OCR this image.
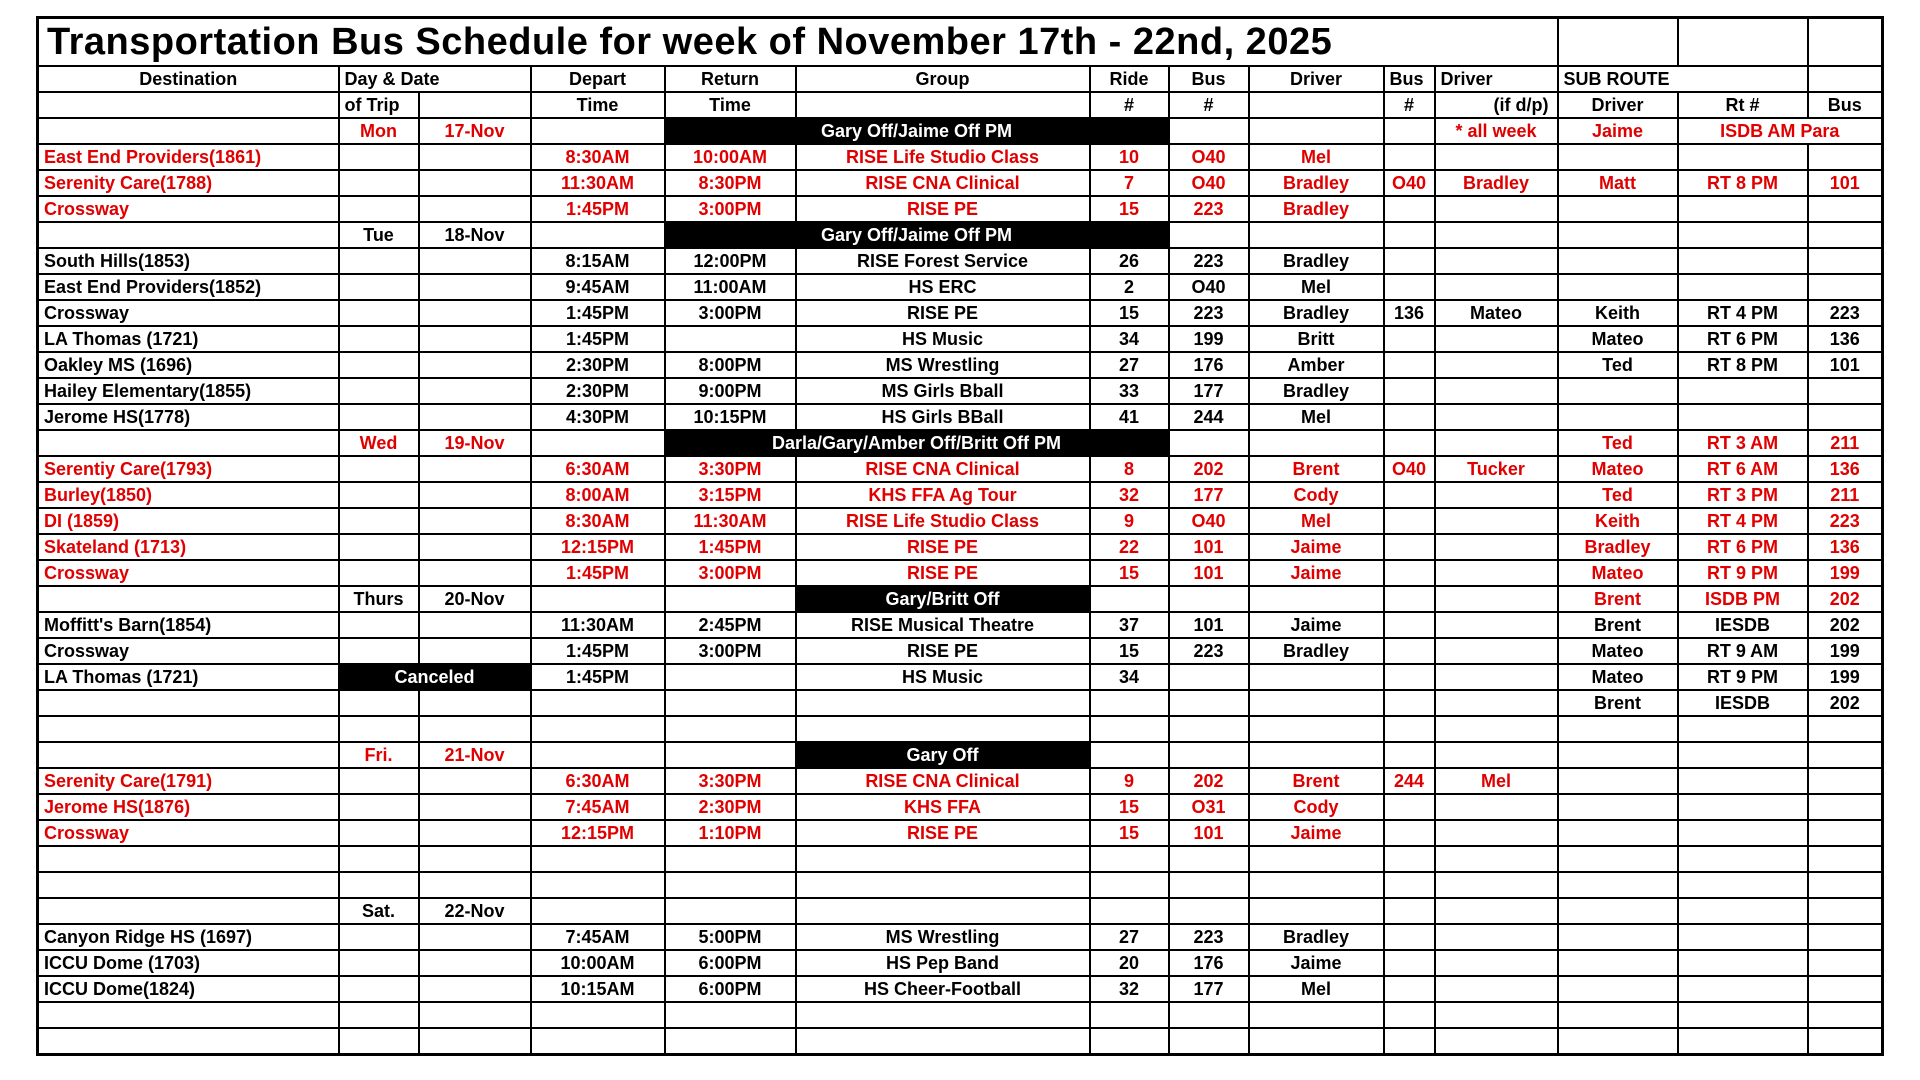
Transportation Bus Schedule for week of November 17th - 22nd, 2025													
Destination	Day & Date		Depart	Return	Group	Ride	Bus	Driver	Bus	Driver	SUB ROUTE		
	of Trip		Time	Time		#	#		#	(if d/p)	Driver	Rt #	Bus
	Mon	17-Nov		Gary Off/Jaime Off PM						* all week	Jaime	ISDB AM Para	
East End Providers(1861)			8:30AM	10:00AM	RISE Life Studio Class	10	O40	Mel					
Serenity Care(1788)			11:30AM	8:30PM	RISE CNA Clinical	7	O40	Bradley	O40	Bradley	Matt	RT 8 PM	101
Crossway			1:45PM	3:00PM	RISE PE	15	223	Bradley					
	Tue	18-Nov		Gary Off/Jaime Off PM									
South Hills(1853)			8:15AM	12:00PM	RISE Forest Service	26	223	Bradley					
East End Providers(1852)			9:45AM	11:00AM	HS ERC	2	O40	Mel					
Crossway			1:45PM	3:00PM	RISE PE	15	223	Bradley	136	Mateo	Keith	RT 4 PM	223
LA Thomas (1721)			1:45PM		HS Music	34	199	Britt			Mateo	RT 6 PM	136
Oakley MS (1696)			2:30PM	8:00PM	MS Wrestling	27	176	Amber			Ted	RT 8 PM	101
Hailey Elementary(1855)			2:30PM	9:00PM	MS Girls Bball	33	177	Bradley					
Jerome HS(1778)			4:30PM	10:15PM	HS Girls BBall	41	244	Mel					
	Wed	19-Nov		Darla/Gary/Amber Off/Britt Off PM							Ted	RT 3 AM	211
Serentiy Care(1793)			6:30AM	3:30PM	RISE CNA Clinical	8	202	Brent	O40	Tucker	Mateo	RT 6 AM	136
Burley(1850)			8:00AM	3:15PM	KHS FFA Ag Tour	32	177	Cody			Ted	RT 3 PM	211
DI (1859)			8:30AM	11:30AM	RISE Life Studio Class	9	O40	Mel			Keith	RT 4 PM	223
Skateland (1713)			12:15PM	1:45PM	RISE PE	22	101	Jaime			Bradley	RT 6 PM	136
Crossway			1:45PM	3:00PM	RISE PE	15	101	Jaime			Mateo	RT 9 PM	199
	Thurs	20-Nov			Gary/Britt Off						Brent	ISDB PM	202
Moffitt's Barn(1854)			11:30AM	2:45PM	RISE Musical Theatre	37	101	Jaime			Brent	IESDB	202
Crossway			1:45PM	3:00PM	RISE PE	15	223	Bradley			Mateo	RT 9 AM	199
LA Thomas (1721)	Canceled		1:45PM		HS Music	34					Mateo	RT 9 PM	199
											Brent	IESDB	202

	Fri.	21-Nov			Gary Off								
Serenity Care(1791)			6:30AM	3:30PM	RISE CNA Clinical	9	202	Brent	244	Mel			
Jerome HS(1876)			7:45AM	2:30PM	KHS FFA	15	O31	Cody					
Crossway			12:15PM	1:10PM	RISE PE	15	101	Jaime					

	Sat.	22-Nov											
Canyon Ridge HS (1697)			7:45AM	5:00PM	MS Wrestling	27	223	Bradley					
ICCU Dome (1703)			10:00AM	6:00PM	HS Pep Band	20	176	Jaime					
ICCU Dome(1824)			10:15AM	6:00PM	HS Cheer-Football	32	177	Mel					
